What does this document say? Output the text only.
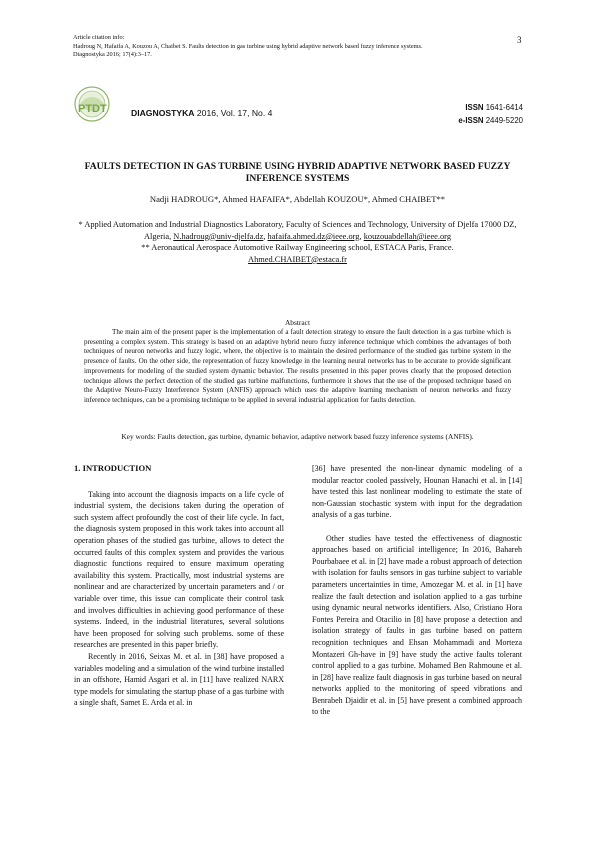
Article citation info:
Hadroug N, Hafaifa A, Kouzou A, Chaibet S. Faults detection in gas turbine using hybrid adaptive network based fuzzy inference systems.
Diagnostyka 2016; 17(4):3–17.
3
PTDT	DIAGNOSTYKA 2016, Vol. 17, No. 4
ISSN 1641-6414
e-ISSN 2449-5220
FAULTS DETECTION IN GAS TURBINE USING HYBRID ADAPTIVE NETWORK BASED FUZZY INFERENCE SYSTEMS
Nadji HADROUG*, Ahmed HAFAIFA*, Abdellah KOUZOU*, Ahmed CHAIBET**
* Applied Automation and Industrial Diagnostics Laboratory, Faculty of Sciences and Technology, University of Djelfa 17000 DZ, Algeria, N.hadroug@univ-djelfa.dz, hafaifa.ahmed.dz@ieee.org, kouzouabdellah@ieee.org
** Aeronautical Aerospace Automotive Railway Engineering school, ESTACA Paris, France.
Ahmed.CHAIBET@estaca.fr
Abstract
The main aim of the present paper is the implementation of a fault detection strategy to ensure the fault detection in a gas turbine which is presenting a complex system. This strategy is based on an adaptive hybrid neuro fuzzy inference technique which combines the advantages of both techniques of neuron networks and fuzzy logic, where, the objective is to maintain the desired performance of the studied gas turbine system in the presence of faults. On the other side, the representation of fuzzy knowledge in the learning neural networks has to be accurate to provide significant improvements for modeling of the studied system dynamic behavior. The results presented in this paper proves clearly that the proposed detection technique allows the perfect detection of the studied gas turbine malfunctions, furthermore it shows that the use of the proposed technique based on the Adaptive Neuro-Fuzzy Interference System (ANFIS) approach which uses the adaptive learning mechanism of neuron networks and fuzzy inference techniques, can be a promising technique to be applied in several industrial application for faults detection.
Key words: Faults detection, gas turbine, dynamic behavior, adaptive network based fuzzy inference systems (ANFIS).
1. INTRODUCTION

Taking into account the diagnosis impacts on a life cycle of industrial system, the decisions taken during the operation of such system affect profoundly the cost of their life cycle. In fact, the diagnosis system proposed in this work takes into account all operation phases of the studied gas turbine, allows to detect the occurred faults of this complex system and provides the various diagnostic functions required to ensure maximum operating availability this system. Practically, most industrial systems are nonlinear and are characterized by uncertain parameters and / or variable over time, this issue can complicate their control task and involves difficulties in achieving good performance of these systems. Indeed, in the industrial literatures, several solutions have been proposed for solving such problems. some of these researches are presented in this paper briefly.

Recently in 2016, Seixas M. et al. in [38] have proposed a variables modeling and a simulation of the wind turbine installed in an offshore, Hamid Asgari et al. in [11] have realized NARX type models for simulating the startup phase of a gas turbine with a single shaft, Samet E. Arda et al. in

[36] have presented the non-linear dynamic modeling of a modular reactor cooled passively, Hounan Hanachi et al. in [14] have tested this last nonlinear modeling to estimate the state of non-Gaussian stochastic system with input for the degradation analysis of a gas turbine.

Other studies have tested the effectiveness of diagnostic approaches based on artificial intelligence; In 2016, Bahareh Pourbabaee et al. in [2] have made a robust approach of detection with isolation for faults sensors in gas turbine subject to variable parameters uncertainties in time, Amozegar M. et al. in [1] have realize the fault detection and isolation applied to a gas turbine using dynamic neural networks identifiers. Also, Cristiano Hora Fontes Pereira and Otacilio in [8] have propose a detection and isolation strategy of faults in gas turbine based on pattern recognition techniques and Ehsan Mohammadi and Morteza Montazeri Gh-have in [9] have study the active faults tolerant control applied to a gas turbine. Mohamed Ben Rahmoune et al. in [28] have realize fault diagnosis in gas turbine based on neural networks applied to the monitoring of speed vibrations and Benrabeh Djaidir et al. in [5] have present a combined approach to the
